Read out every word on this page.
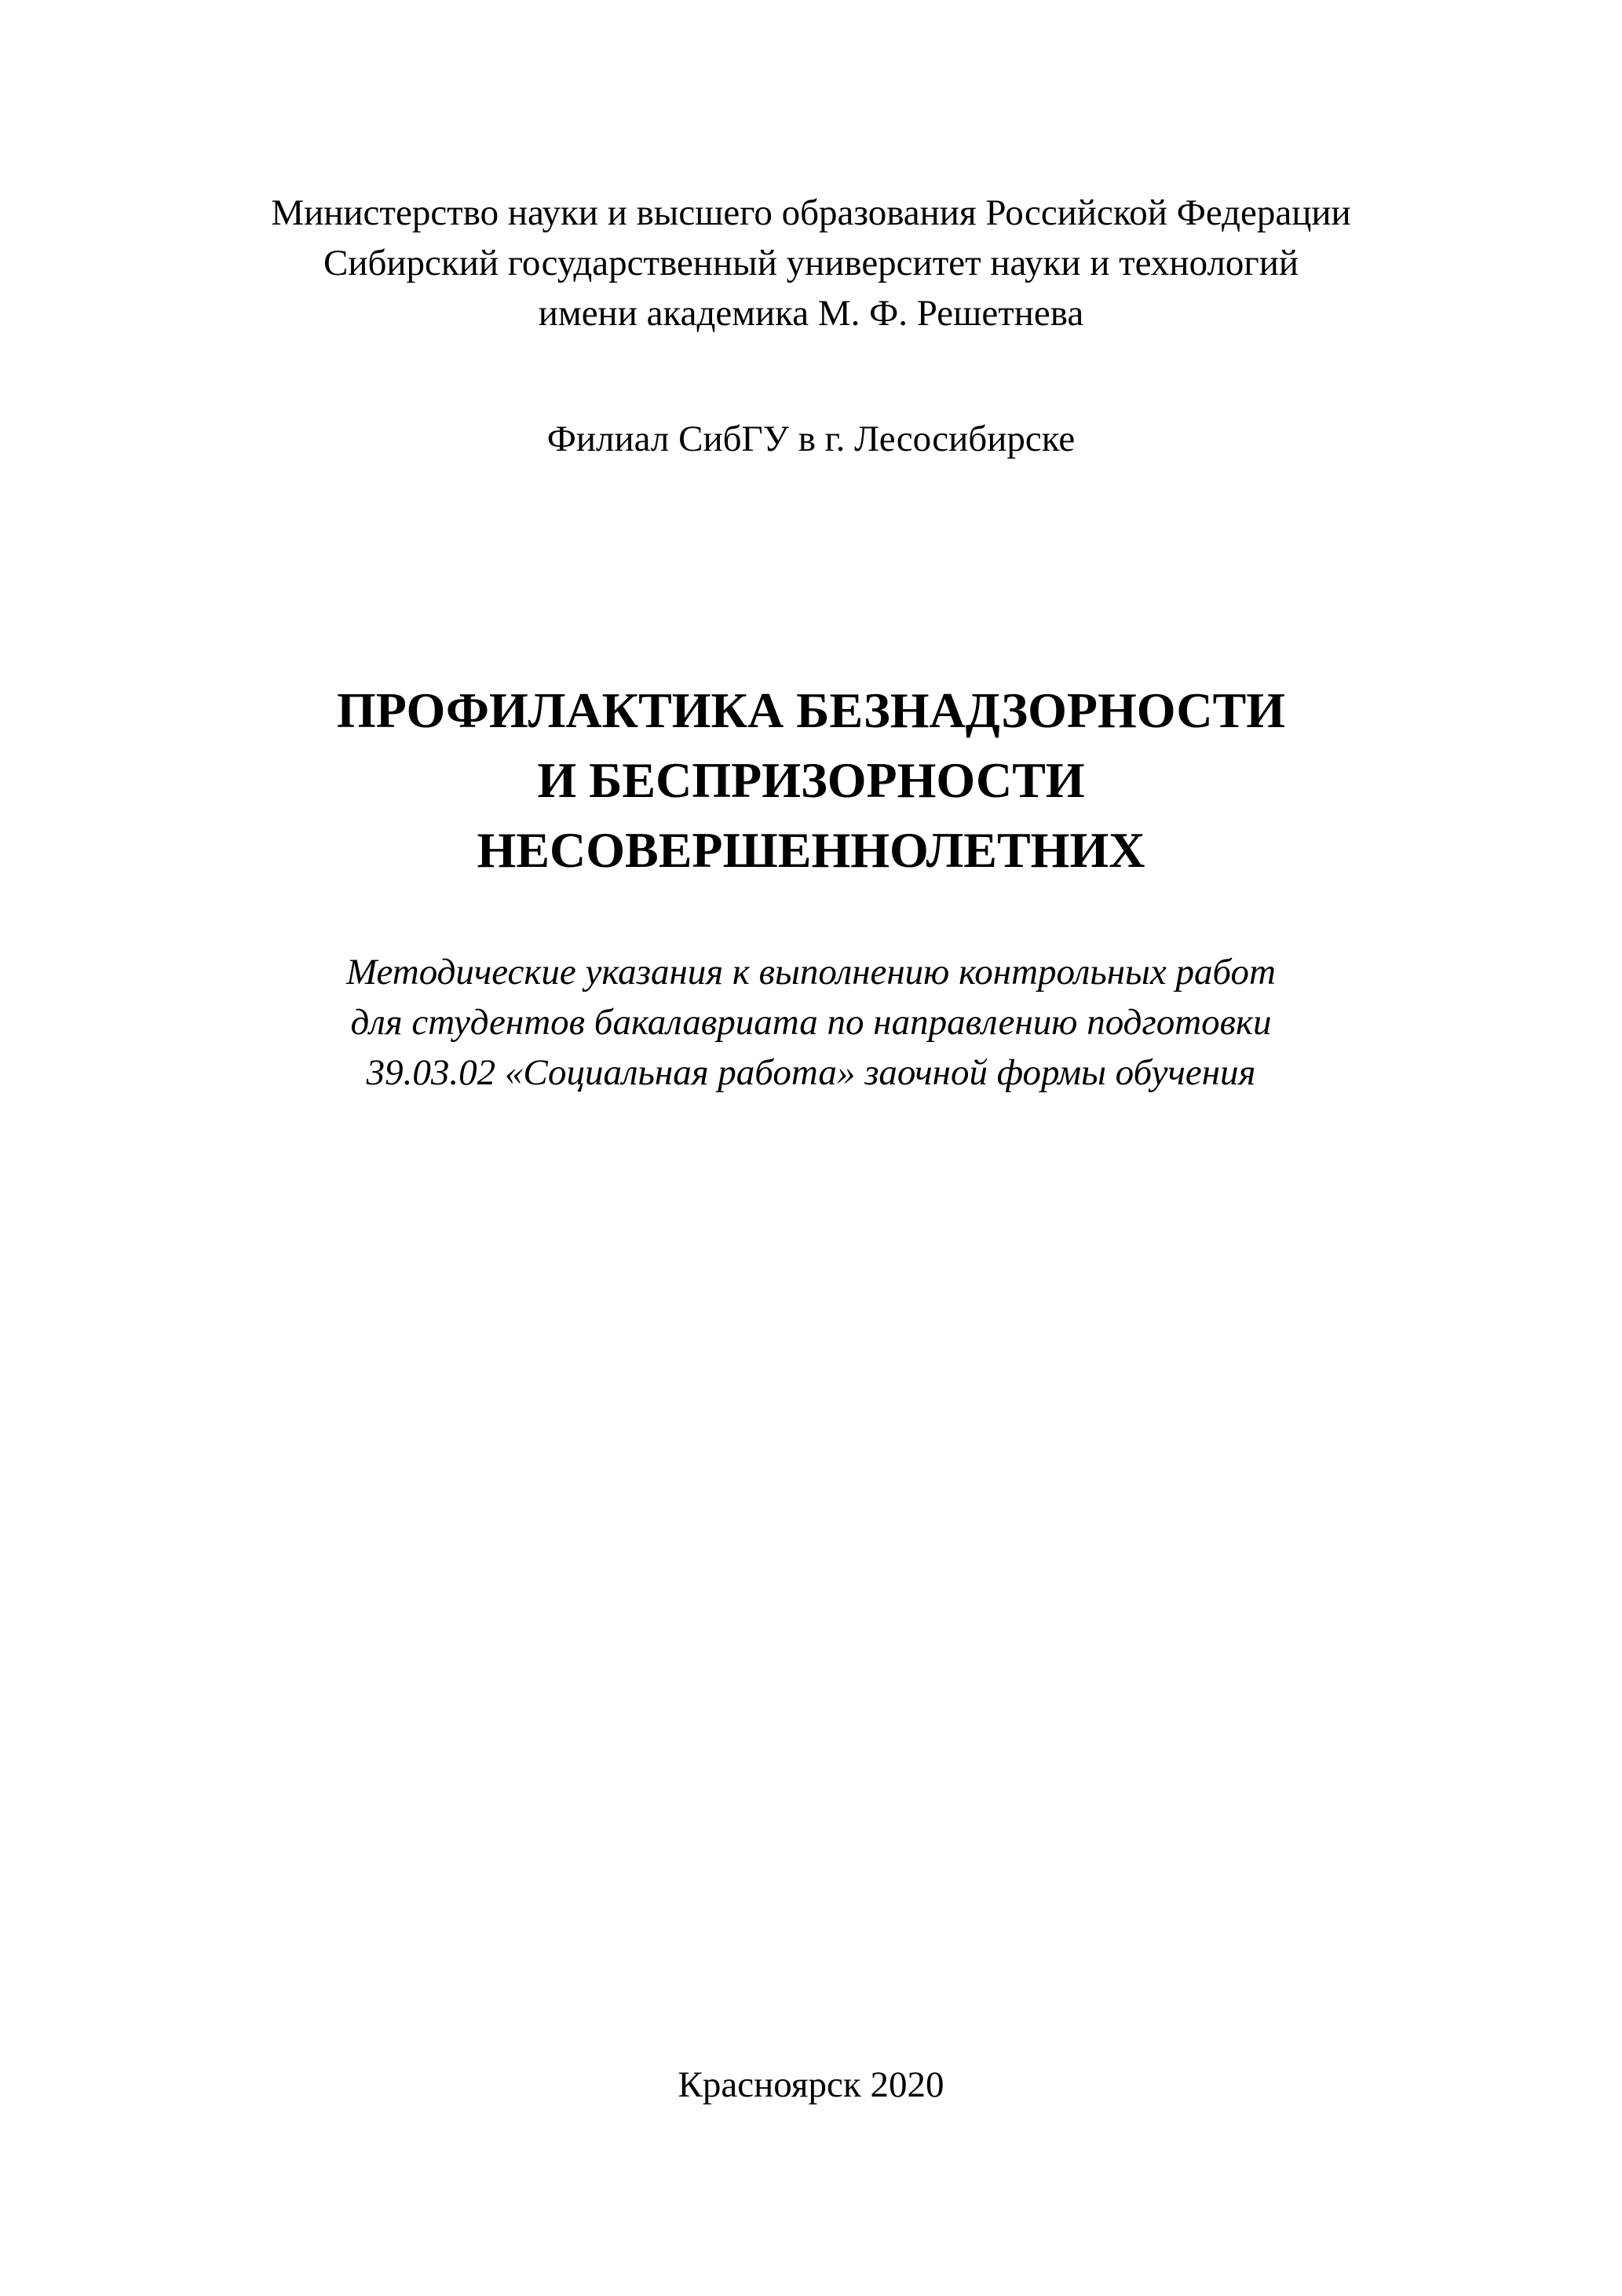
Министерство науки и высшего образования Российской Федерации
Сибирский государственный университет науки и технологий
имени академика М. Ф. Решетнева
Филиал СибГУ в г. Лесосибирске
ПРОФИЛАКТИКА БЕЗНАДЗОРНОСТИ
И БЕСПРИЗОРНОСТИ
НЕСОВЕРШЕННОЛЕТНИХ
Методические указания к выполнению контрольных работ
для студентов бакалавриата по направлению подготовки
39.03.02 «Социальная работа» заочной формы обучения
Красноярск 2020
